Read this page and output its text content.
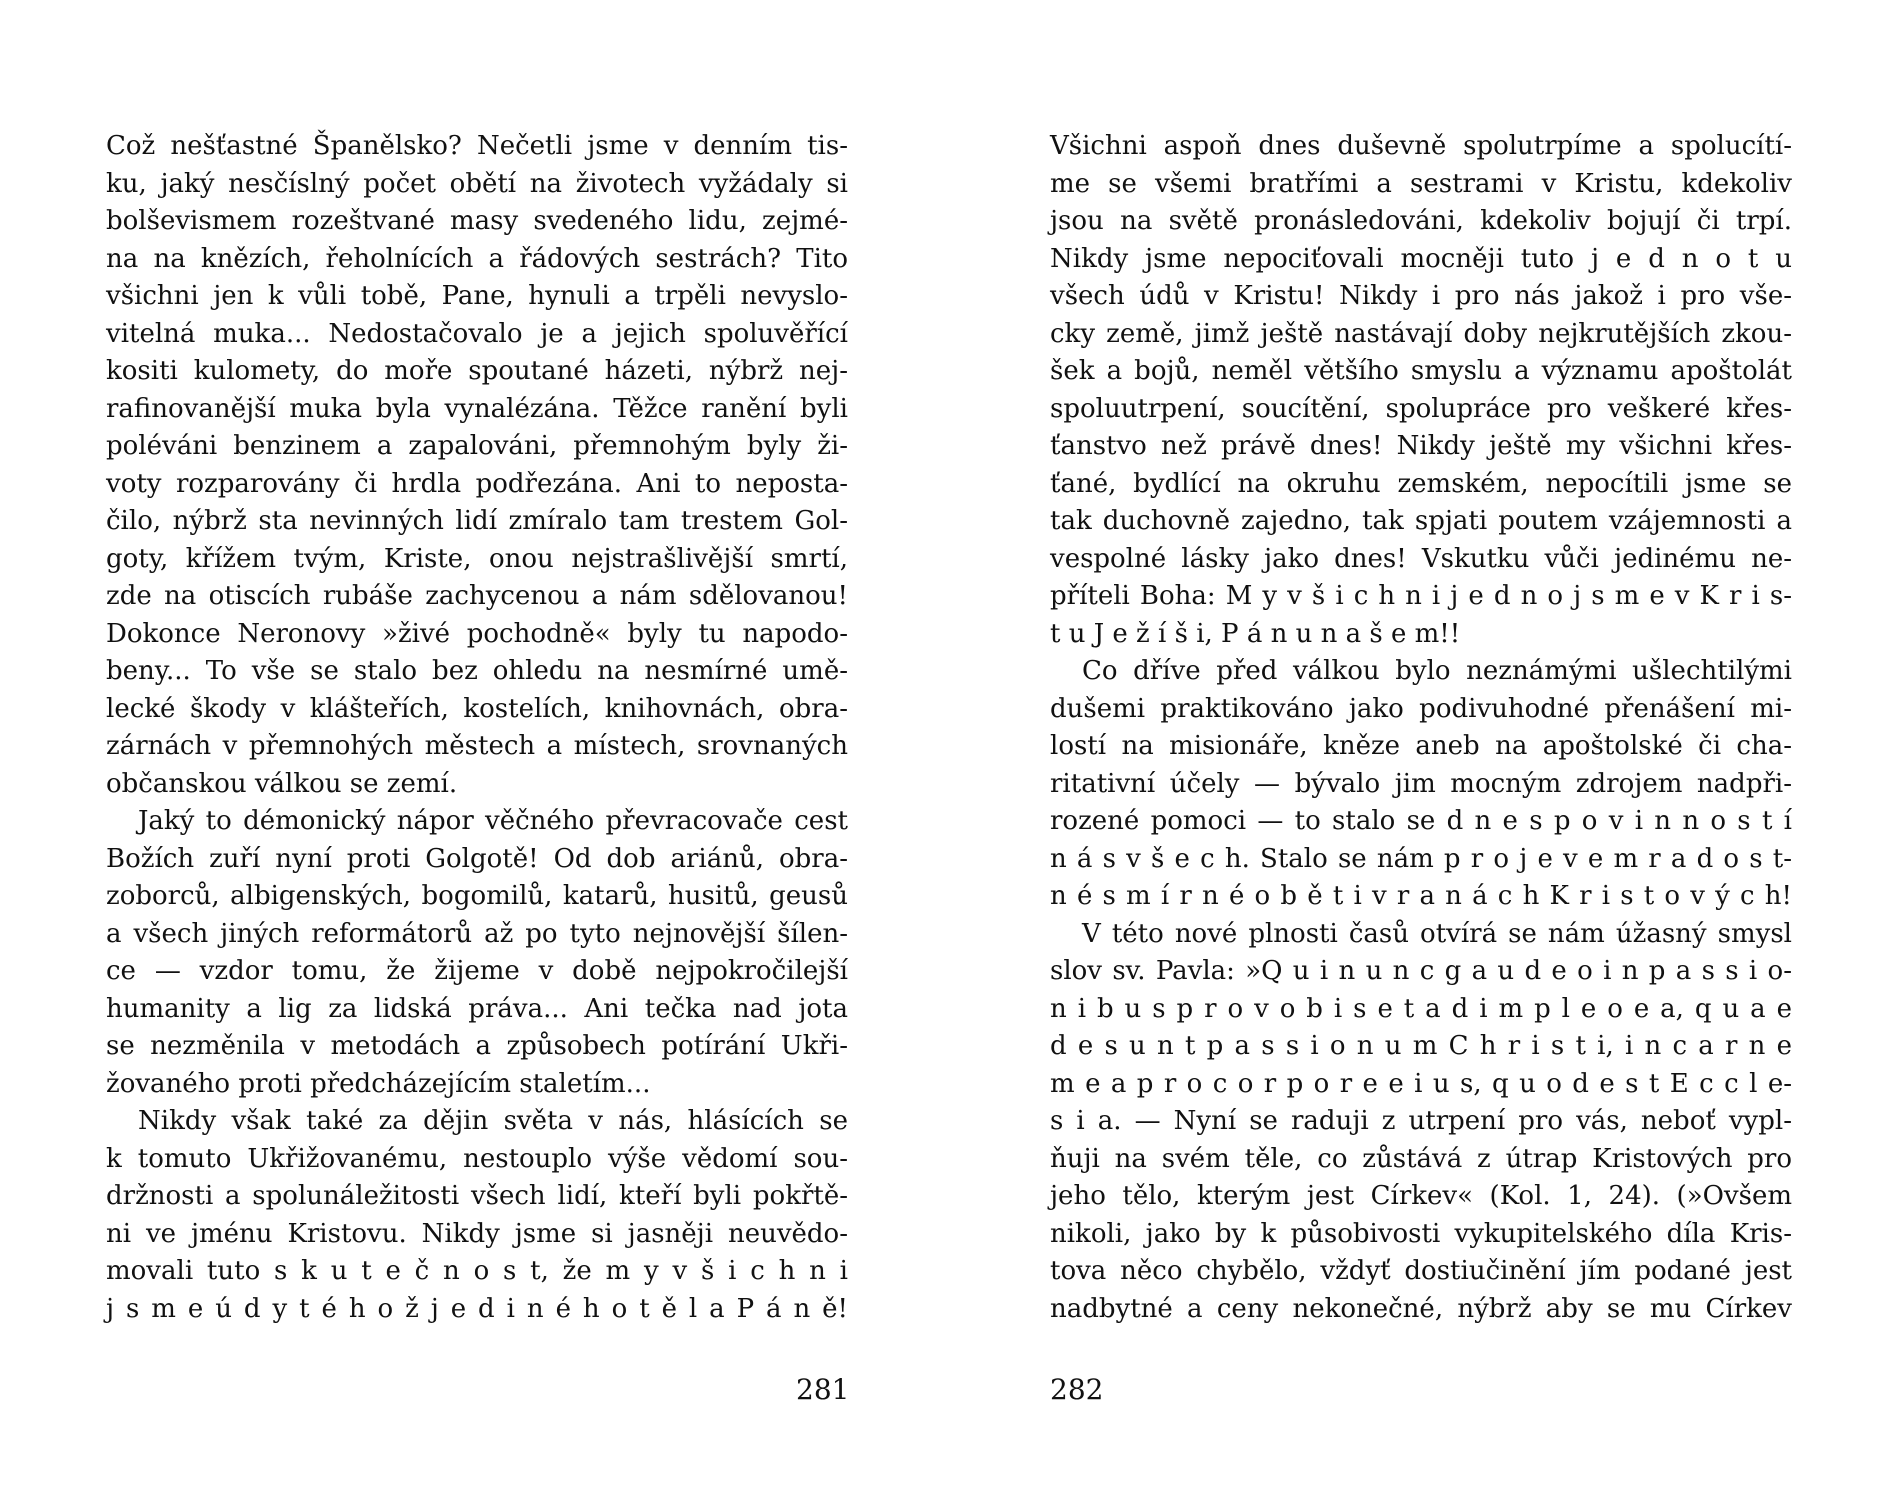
Což nešťastné Španělsko? Nečetli jsme v denním tis-
ku, jaký nesčíslný počet obětí na životech vyžádaly si
bolševismem rozeštvané masy svedeného lidu, zejmé-
na na knězích, řeholnících a řádových sestrách? Tito
všichni jen k vůli tobě, Pane, hynuli a trpěli nevyslo-
vitelná muka... Nedostačovalo je a jejich spoluvěřící
kositi kulomety, do moře spoutané házeti, nýbrž nej-
rafinovanější muka byla vynalézána. Těžce ranění byli
poléváni benzinem a zapalováni, přemnohým byly ži-
voty rozparovány či hrdla podřezána. Ani to neposta-
čilo, nýbrž sta nevinných lidí zmíralo tam trestem Gol-
goty, křížem tvým, Kriste, onou nejstrašlivější smrtí,
zde na otiscích rubáše zachycenou a nám sdělovanou!
Dokonce Neronovy »živé pochodně« byly tu napodo-
beny... To vše se stalo bez ohledu na nesmírné umě-
lecké škody v klášteřích, kostelích, knihovnách, obra-
zárnách v přemnohých městech a místech, srovnaných
občanskou válkou se zemí.
Jaký to démonický nápor věčného převracovače cest
Božích zuří nyní proti Golgotě! Od dob ariánů, obra-
zoborců, albigenských, bogomilů, katarů, husitů, geusů
a všech jiných reformátorů až po tyto nejnovější šílen-
ce — vzdor tomu, že žijeme v době nejpokročilejší
humanity a lig za lidská práva... Ani tečka nad jota
se nezměnila v metodách a způsobech potírání Ukři-
žovaného proti předcházejícím staletím...
Nikdy však také za dějin světa v nás, hlásících se
k tomuto Ukřižovanému, nestouplo výše vědomí sou-
držnosti a spolunáležitosti všech lidí, kteří byli pokřtě-
ni ve jménu Kristovu. Nikdy jsme si jasněji neuvědo-
movali tuto s k u t e č n o s t, že m y v š i c h n i
j s m e ú d y t é h o ž j e d i n é h o t ě l a P á n ě!
Všichni aspoň dnes duševně spolutrpíme a spolucítí-
me se všemi bratřími a sestrami v Kristu, kdekoliv
jsou na světě pronásledováni, kdekoliv bojují či trpí.
Nikdy jsme nepociťovali mocněji tuto j e d n o t u
všech údů v Kristu! Nikdy i pro nás jakož i pro vše-
cky země, jimž ještě nastávají doby nejkrutějších zkou-
šek a bojů, neměl většího smyslu a významu apoštolát
spoluutrpení, soucítění, spolupráce pro veškeré křes-
ťanstvo než právě dnes! Nikdy ještě my všichni křes-
ťané, bydlící na okruhu zemském, nepocítili jsme se
tak duchovně zajedno, tak spjati poutem vzájemnosti a
vespolné lásky jako dnes! Vskutku vůči jedinému ne-
příteli Boha: M y v š i c h n i j e d n o j s m e v K r i s-
t u J e ž í š i, P á n u n a š e m!!
Co dříve před válkou bylo neznámými ušlechtilými
dušemi praktikováno jako podivuhodné přenášení mi-
lostí na misionáře, kněze aneb na apoštolské či cha-
ritativní účely — bývalo jim mocným zdrojem nadpři-
rozené pomoci — to stalo se d n e s p o v i n n o s t í
n á s v š e c h. Stalo se nám p r o j e v e m r a d o s t-
n é s m í r n é o b ě t i v r a n á c h K r i s t o v ý c h!
V této nové plnosti časů otvírá se nám úžasný smysl
slov sv. Pavla: »Q u i n u n c g a u d e o i n p a s s i o-
n i b u s p r o v o b i s e t a d i m p l e o e a, q u a e
d e s u n t p a s s i o n u m C h r i s t i, i n c a r n e
m e a p r o c o r p o r e e i u s, q u o d e s t E c c l e-
s i a. — Nyní se raduji z utrpení pro vás, neboť vypl-
ňuji na svém těle, co zůstává z útrap Kristových pro
jeho tělo, kterým jest Církev« (Kol. 1, 24). (»Ovšem
nikoli, jako by k působivosti vykupitelského díla Kris-
tova něco chybělo, vždyť dostiučinění jím podané jest
nadbytné a ceny nekonečné, nýbrž aby se mu Církev
281	282
